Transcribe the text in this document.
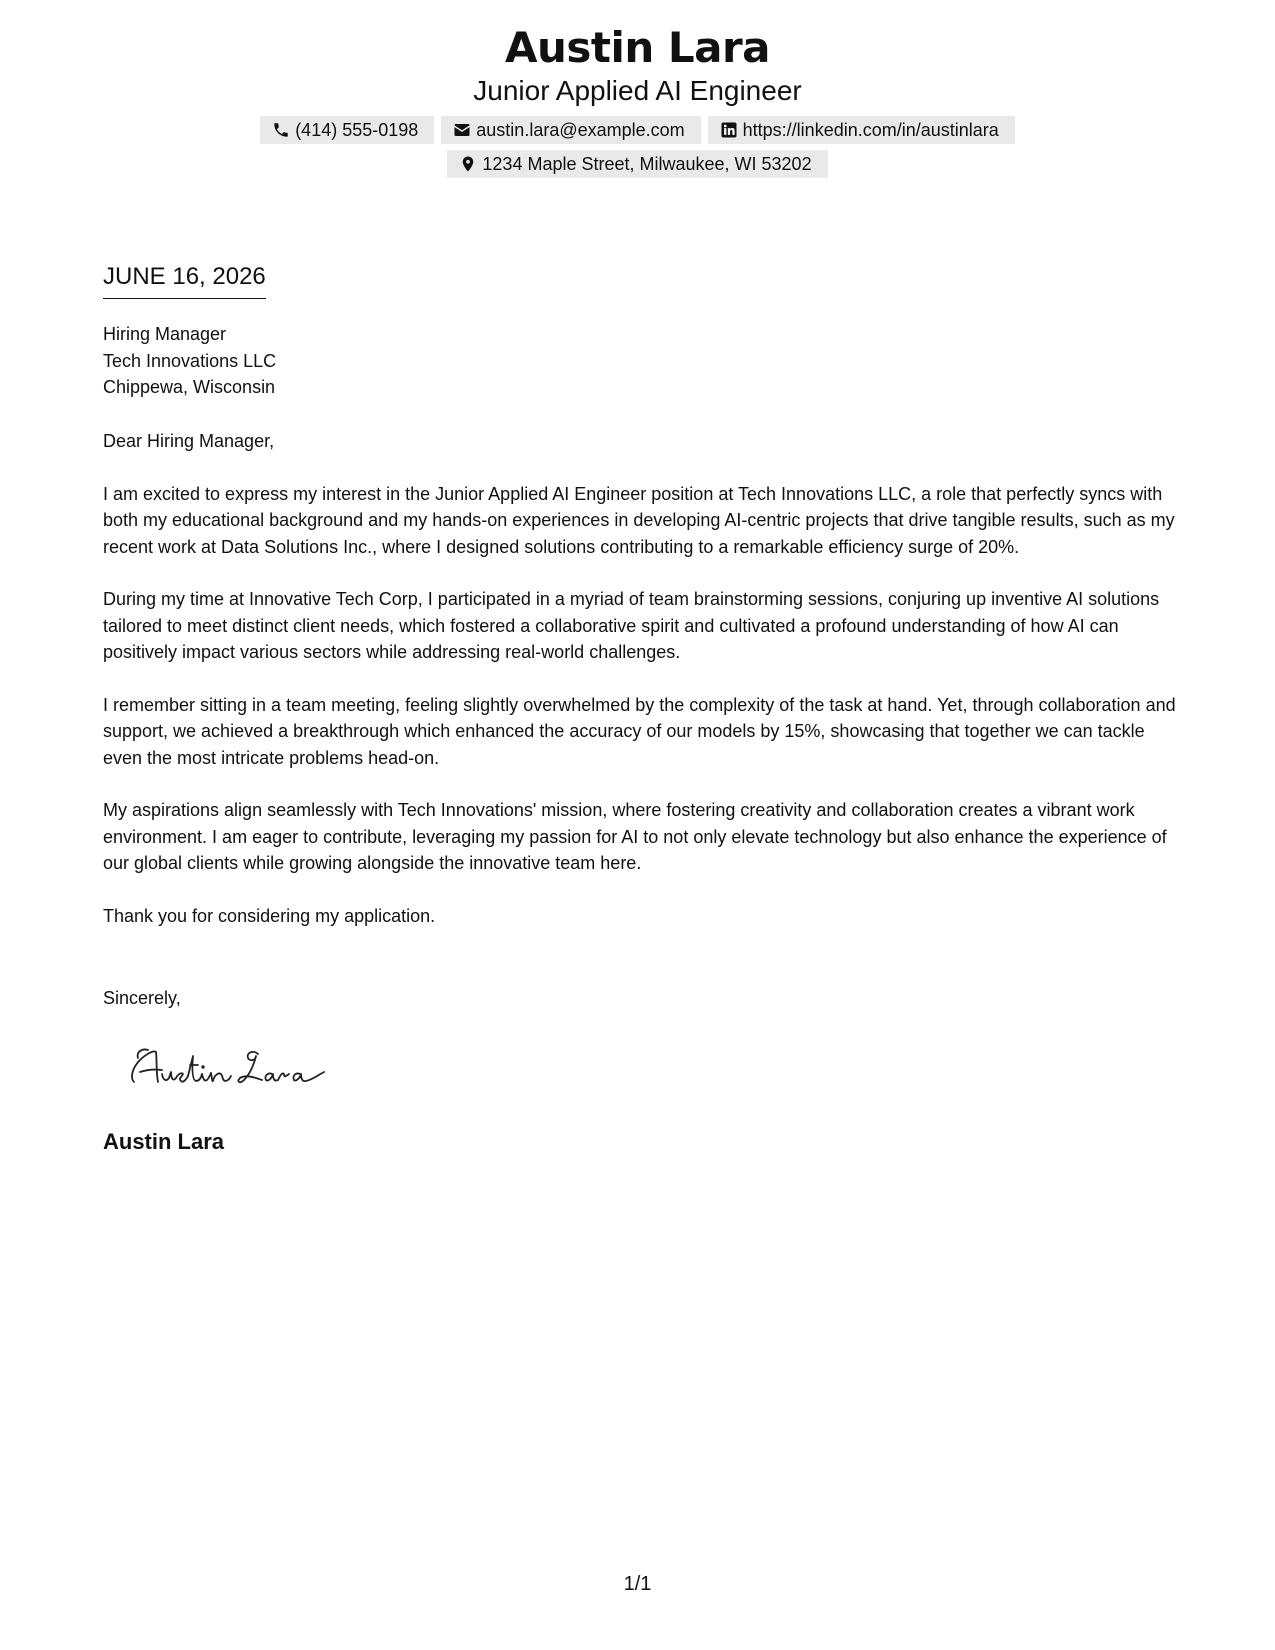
Austin Lara
Junior Applied AI Engineer
(414) 555-0198	austin.lara@example.com	https://linkedin.com/in/austinlara
1234 Maple Street, Milwaukee, WI 53202
JUNE 16, 2026
Hiring Manager
Tech Innovations LLC
Chippewa, Wisconsin

Dear Hiring Manager,

I am excited to express my interest in the Junior Applied AI Engineer position at Tech Innovations LLC, a role that perfectly syncs with both my educational background and my hands-on experiences in developing AI-centric projects that drive tangible results, such as my recent work at Data Solutions Inc., where I designed solutions contributing to a remarkable efficiency surge of 20%.

During my time at Innovative Tech Corp, I participated in a myriad of team brainstorming sessions, conjuring up inventive AI solutions tailored to meet distinct client needs, which fostered a collaborative spirit and cultivated a profound understanding of how AI can positively impact various sectors while addressing real-world challenges.

I remember sitting in a team meeting, feeling slightly overwhelmed by the complexity of the task at hand. Yet, through collaboration and support, we achieved a breakthrough which enhanced the accuracy of our models by 15%, showcasing that together we can tackle even the most intricate problems head-on.

My aspirations align seamlessly with Tech Innovations' mission, where fostering creativity and collaboration creates a vibrant work environment. I am eager to contribute, leveraging my passion for AI to not only elevate technology but also enhance the experience of our global clients while growing alongside the innovative team here.

Thank you for considering my application.

Sincerely,
Austin Lara
1/1
